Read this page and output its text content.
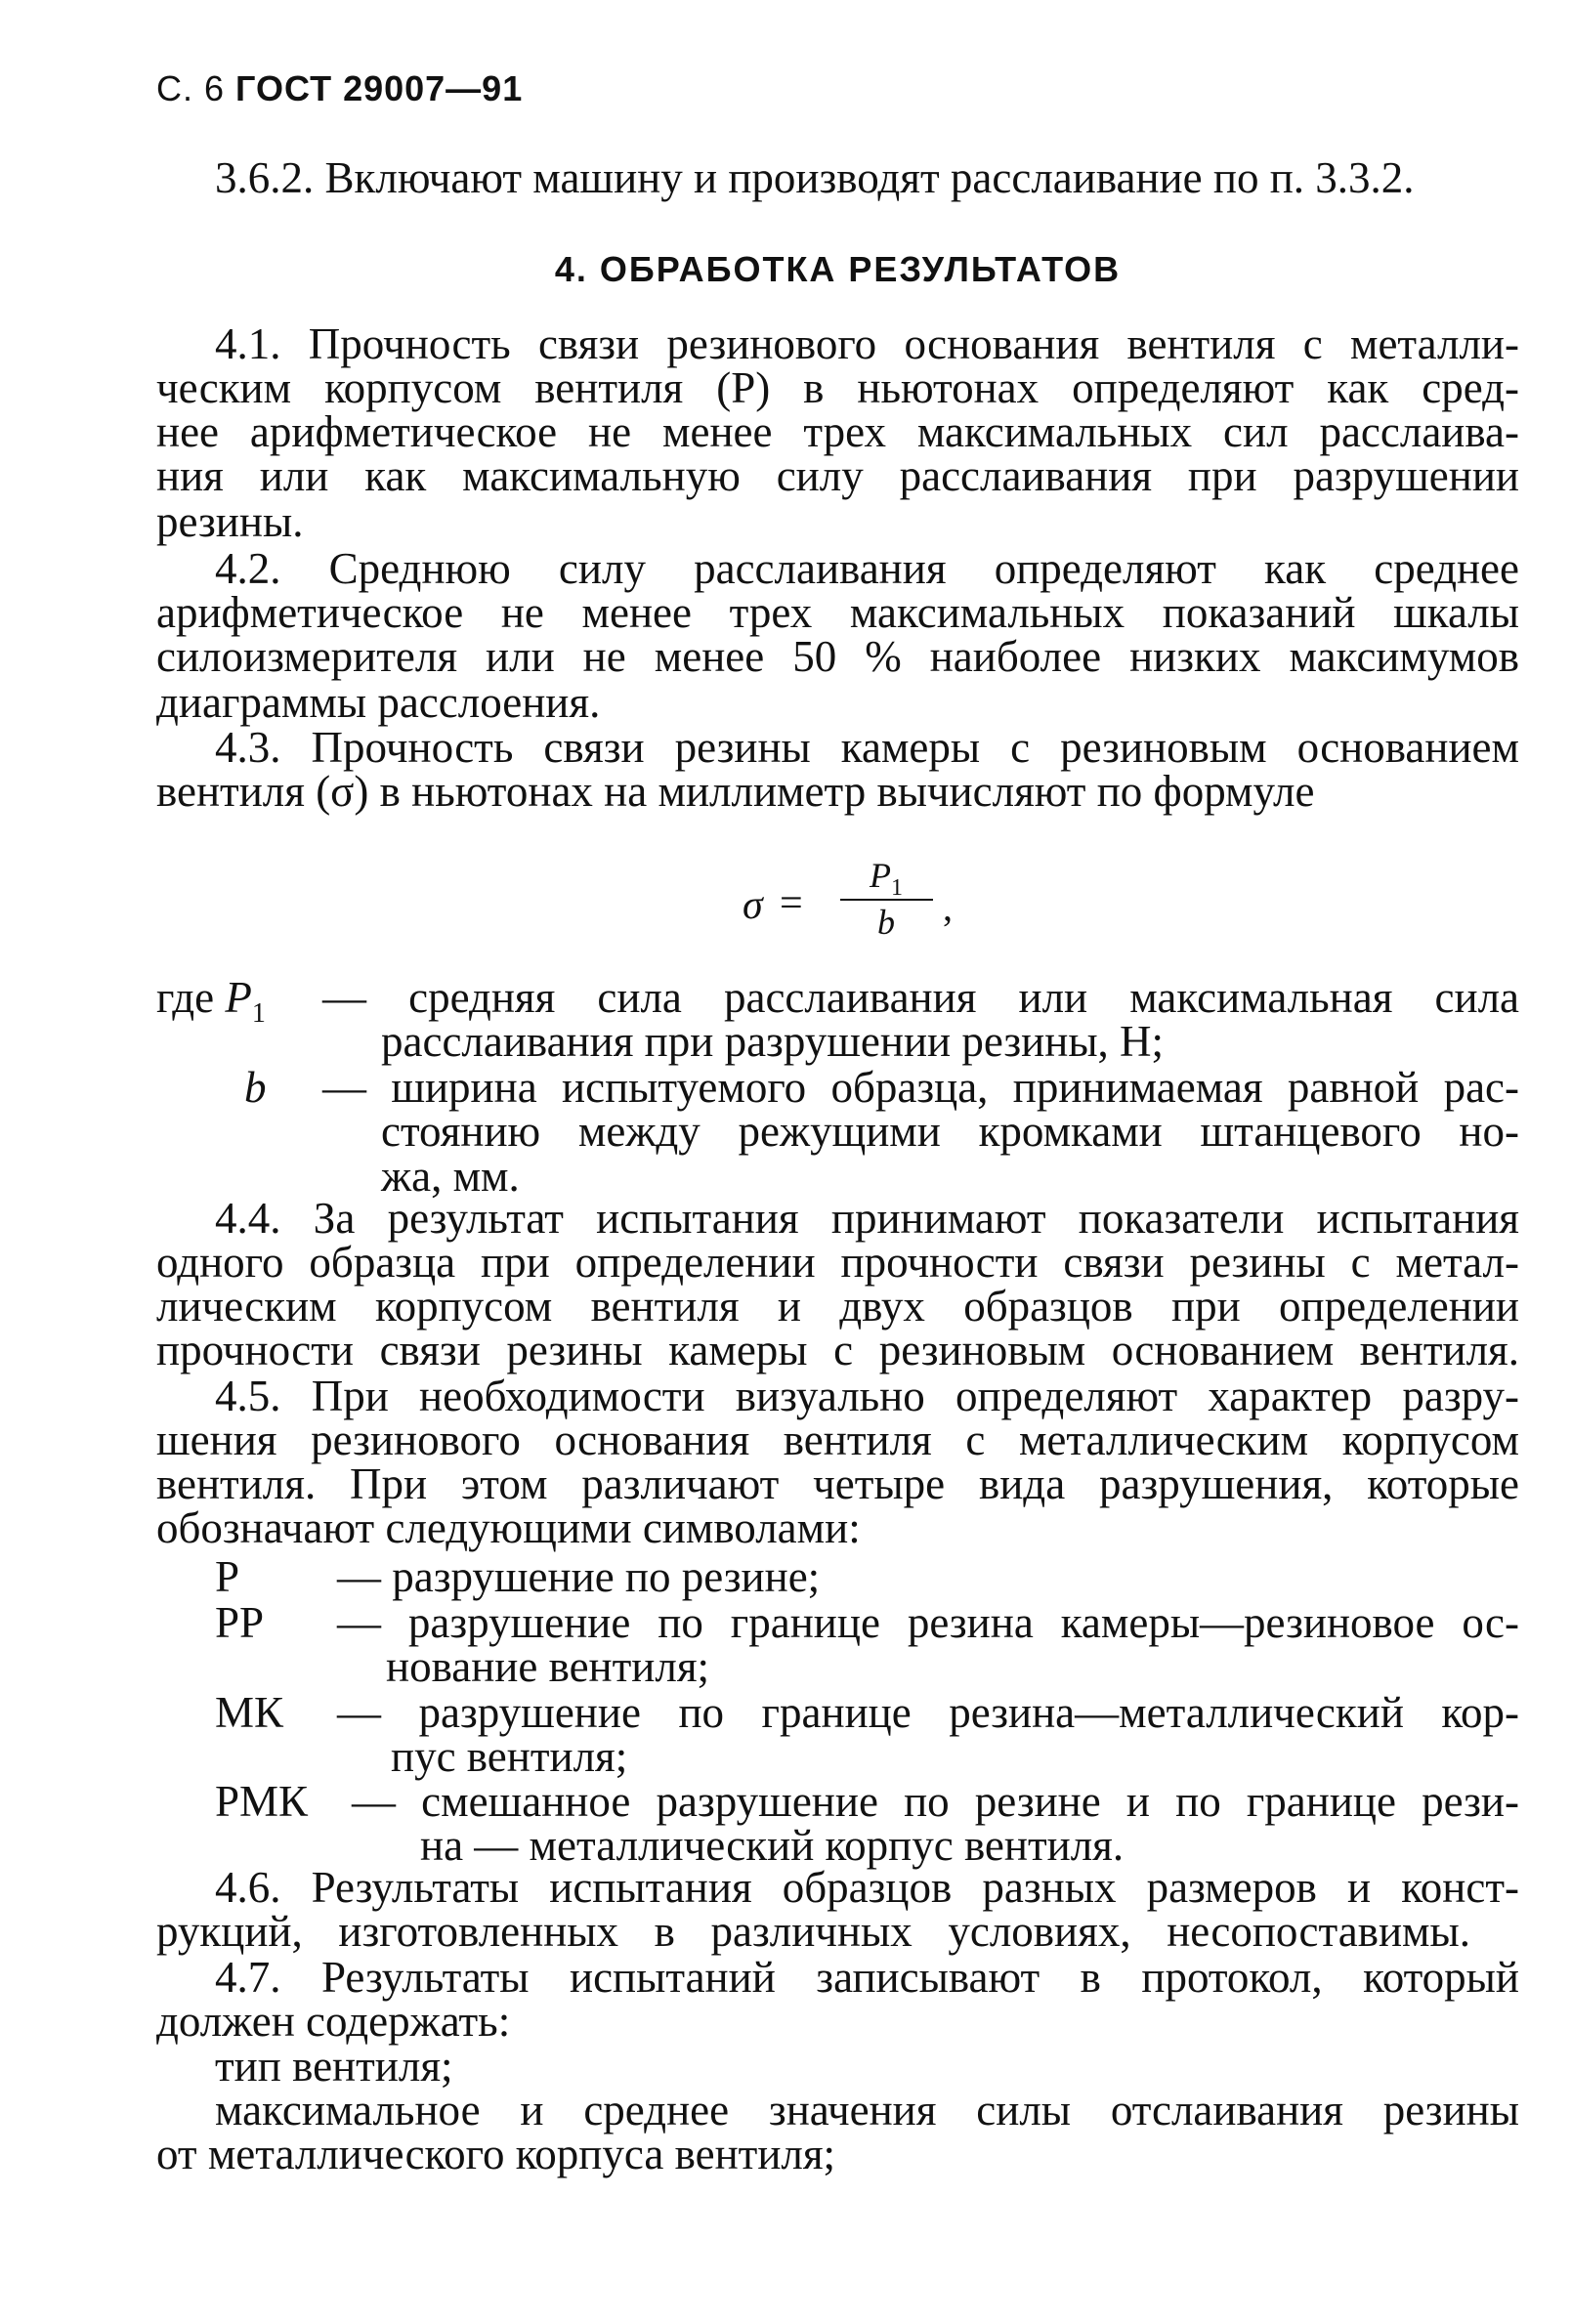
С. 6 ГОСТ 29007—91
3.6.2. Включают машину и производят расслаивание по п. 3.3.2.
4. ОБРАБОТКА РЕЗУЛЬТАТОВ
4.1. Прочность связи резинового основания вентиля с металли-
ческим корпусом вентиля (Р) в ньютонах определяют как сред-
нее арифметическое не менее трех максимальных сил расслаива-
ния или как максимальную силу расслаивания при разрушении
резины.
4.2. Среднюю силу расслаивания определяют как среднее
арифметическое не менее трех максимальных показаний шкалы
силоизмерителя или не менее 50 % наиболее низких максимумов
диаграммы расслоения.
4.3. Прочность связи резины камеры с резиновым основанием
вентиля (σ) в ньютонах на миллиметр вычисляют по формуле
σ =
$P_1$
b	,
где $P_1$ — средняя сила расслаивания или максимальная сила
расслаивания при разрушении резины, Н;
b — ширина испытуемого образца, принимаемая равной рас-
стоянию между режущими кромками штанцевого но-
жа, мм.
4.4. За результат испытания принимают показатели испытания
одного образца при определении прочности связи резины с метал-
лическим корпусом вентиля и двух образцов при определении
прочности связи резины камеры с резиновым основанием вентиля.
4.5. При необходимости визуально определяют характер разру-
шения резинового основания вентиля с металлическим корпусом
вентиля. При этом различают четыре вида разрушения, которые
обозначают следующими символами:
Р — разрушение по резине;
РР — разрушение по границе резина камеры—резиновое ос-
нование вентиля;
МК — разрушение по границе резина—металлический кор-
пус вентиля;
РМК — смешанное разрушение по резине и по границе рези-
на — металлический корпус вентиля.
4.6. Результаты испытания образцов разных размеров и конст-
рукций, изготовленных в различных условиях, несопоставимы.
4.7. Результаты испытаний записывают в протокол, который
должен содержать:
тип вентиля;
максимальное и среднее значения силы отслаивания резины
от металлического корпуса вентиля;
